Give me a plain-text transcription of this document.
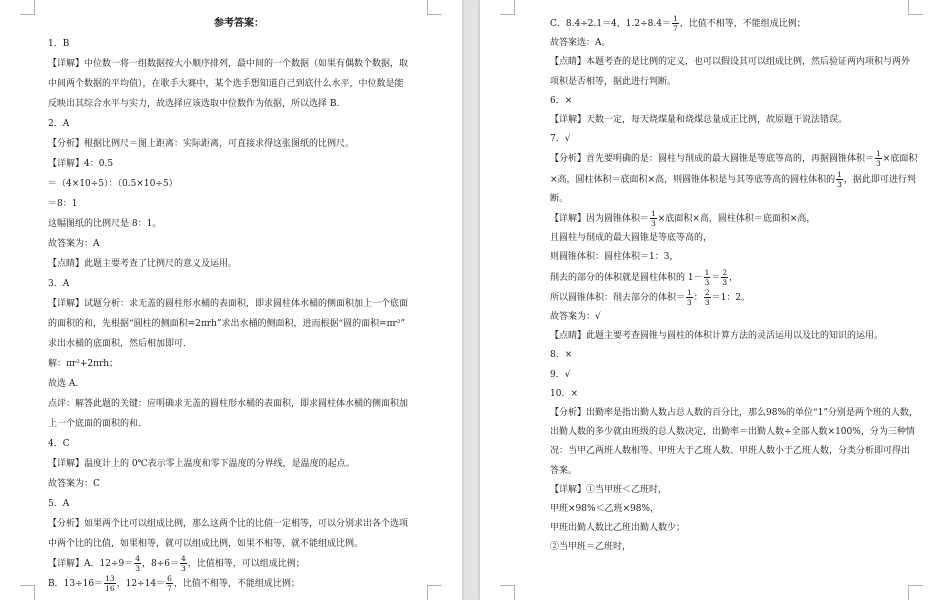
参考答案：
1．B
【详解】中位数一将一组数据按大小顺序排列，最中间的一个数据（如果有偶数个数据，取
中间两个数据的平均值），在歌手大赛中，某个选手想知道自己到底什么水平，中位数是能
反映出其综合水平与实力，故选择应该选取中位数作为依据，所以选择 B.
2．A
【分析】根据比例尺＝图上距离：实际距离，可直接求得这张图纸的比例尺。
【详解】4：0.5
＝（4×10÷5）：（0.5×10÷5）
＝8：1
这幅图纸的比例尺是 8：1。
故答案为：A
【点睛】此题主要考查了比例尺的意义及运用。
3．A
【详解】试题分析：求无盖的圆柱形水桶的表面积，即求圆柱体水桶的侧面积加上一个底面
的面积的和，先根据“圆柱的侧面积=2πrh”求出水桶的侧面积，进而根据“圆的面积=πr²”
求出水桶的底面积，然后相加即可．
解：πr²+2πrh；
故选 A.
点评：解答此题的关键：应明确求无盖的圆柱形水桶的表面积，即求圆柱体水桶的侧面积加
上一个底面的面积的和．
4．C
【详解】温度计上的 0℃表示零上温度和零下温度的分界线，是温度的起点。
故答案为：C
5．A
【分析】如果两个比可以组成比例，那么这两个比的比值一定相等，可以分别求出各个选项
中两个比的比值，如果相等，就可以组成比例，如果不相等，就不能组成比例。
【详解】A．$12\div 9= \frac{4}{3}$ ，$8\div 6= \frac{4}{3}$ ，比值相等，可以组成比例；
B．$13\div 16= \frac{13}{16}$ ，$12\div 14= \frac{6}{7}$ ，比值不相等，不能组成比例；
C．8.4÷2.1＝4，$1.2\div 8.4= \frac{1}{7}$ ，比值不相等，不能组成比例；
故答案选：A。
【点睛】本题考查的是比例的定义，也可以假设其可以组成比例，然后验证两内项积与两外
项积是否相等，据此进行判断。
6．×
【详解】天数一定，每天烧煤量和烧煤总量成正比例，故原题干说法错误。
7．√
【分析】首先要明确的是：圆柱与削成的最大圆锥是等底等高的，再据圆锥体积＝ $\frac{1}{3}$ ×底面积
×高，圆柱体积＝底面积×高，则圆锥体积是与其等底等高的圆柱体积的 $\frac{1}{3}$ ，据此即可进行判
断。
【详解】因为圆锥体积＝ $\frac{1}{3}$ ×底面积×高，圆柱体积＝底面积×高，
且圆柱与削成的最大圆锥是等底等高的，
则圆锥体积：圆柱体积＝1：3，
削去的部分的体积就是圆柱体积的 $1- \frac{1}{3} = \frac{2}{3}$ ，
所以圆锥体积：削去部分的体积＝ $\frac{1}{3}$ ： $\frac{2}{3} =1$：2。
故答案为：√
【点睛】此题主要考查圆锥与圆柱的体积计算方法的灵活运用以及比的知识的运用。
8．×
9．√
10．×
【分析】出勤率是指出勤人数占总人数的百分比，那么98%的单位“1”分别是两个班的人数，
出勤人数的多少就由班级的总人数决定，出勤率＝出勤人数÷全部人数×100%，分为三种情
况：当甲乙两班人数相等、甲班大于乙班人数、甲班人数小于乙班人数，分类分析即可得出
答案。
【详解】①当甲班＜乙班时，
甲班×98%＜乙班×98%，
甲班出勤人数比乙班出勤人数少；
②当甲班＝乙班时，
